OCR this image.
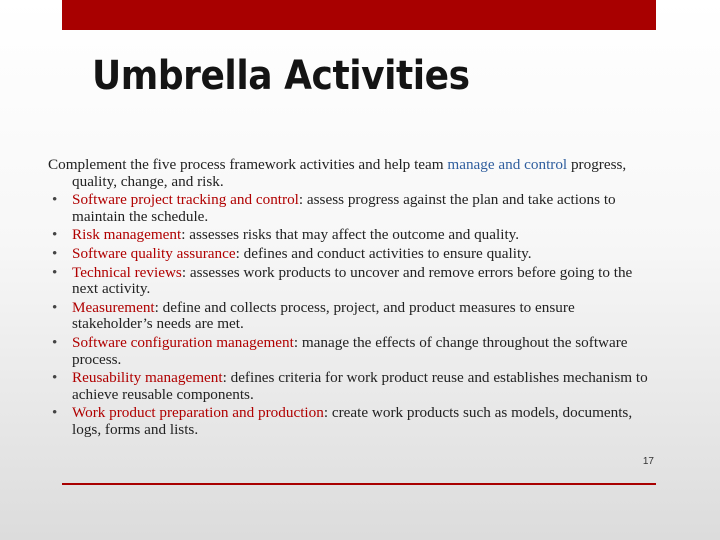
Umbrella Activities

Complement the five process framework activities and help team manage and control progress, quality, change, and risk.

• Software project tracking and control: assess progress against the plan and take actions to maintain the schedule.
• Risk management: assesses risks that may affect the outcome and quality.
• Software quality assurance: defines and conduct activities to ensure quality.
• Technical reviews: assesses work products to uncover and remove errors before going to the next activity.
• Measurement: define and collects process, project, and product measures to ensure stakeholder’s needs are met.
• Software configuration management: manage the effects of change throughout the software process.
• Reusability management: defines criteria for work product reuse and establishes mechanism to achieve reusable components.
• Work product preparation and production: create work products such as models, documents, logs, forms and lists.
17
